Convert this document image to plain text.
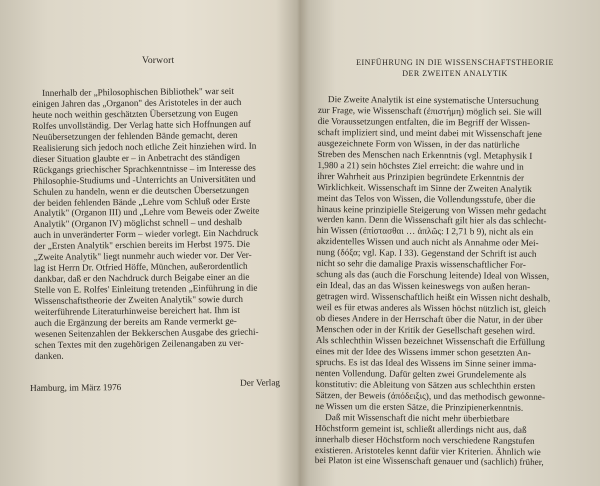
Vorwort
Innerhalb der „Philosophischen Bibliothek" war seit
einigen Jahren das „Organon" des Aristoteles in der auch
heute noch weithin geschätzten Übersetzung von Eugen
Rolfes unvollständig. Der Verlag hatte sich Hoffnungen auf
Neuübersetzungen der fehlenden Bände gemacht, deren
Realisierung sich jedoch noch etliche Zeit hinziehen wird. In
dieser Situation glaubte er – in Anbetracht des ständigen
Rückgangs griechischer Sprachkenntnisse – im Interesse des
Philosophie-Studiums und -Unterrichts an Universitäten und
Schulen zu handeln, wenn er die deutschen Übersetzungen
der beiden fehlenden Bände „Lehre vom Schluß oder Erste
Analytik" (Organon III) und „Lehre vom Beweis oder Zweite
Analytik" (Organon IV) möglichst schnell – und deshalb
auch in unveränderter Form – wieder vorlegt. Ein Nachdruck
der „Ersten Analytik" erschien bereits im Herbst 1975. Die
„Zweite Analytik" liegt nunmehr auch wieder vor. Der Ver-
lag ist Herrn Dr. Otfried Höffe, München, außerordentlich
dankbar, daß er den Nachdruck durch Beigabe einer an die
Stelle von E. Rolfes' Einleitung tretenden „Einführung in die
Wissenschaftstheorie der Zweiten Analytik" sowie durch
weiterführende Literaturhinweise bereichert hat. Ihm ist
auch die Ergänzung der bereits am Rande vermerkt ge-
wesenen Seitenzahlen der Bekkerschen Ausgabe des griechi-
schen Textes mit den zugehörigen Zeilenangaben zu ver-
danken.
Hamburg, im März 1976	Der Verlag
EINFÜHRUNG IN DIE WISSENSCHAFTSTHEORIE
DER ZWEITEN ANALYTIK
Die Zweite Analytik ist eine systematische Untersuchung
zur Frage, wie Wissenschaft (ἐπιστήμη) möglich sei. Sie will
die Voraussetzungen entfalten, die im Begriff der Wissen-
schaft impliziert sind, und meint dabei mit Wissenschaft jene
ausgezeichnete Form von Wissen, in der das natürliche
Streben des Menschen nach Erkenntnis (vgl. Metaphysik I
1,980 a 21) sein höchstes Ziel erreicht: die wahre und in
ihrer Wahrheit aus Prinzipien begründete Erkenntnis der
Wirklichkeit. Wissenschaft im Sinne der Zweiten Analytik
meint das Telos von Wissen, die Vollendungsstufe, über die
hinaus keine prinzipielle Steigerung von Wissen mehr gedacht
werden kann. Denn die Wissenschaft gilt hier als das schlecht-
hin Wissen (ἐπίστασθαι … ἁπλῶς: I 2,71 b 9), nicht als ein
akzidentelles Wissen und auch nicht als Annahme oder Mei-
nung (δόξα; vgl. Kap. I 33). Gegenstand der Schrift ist auch
nicht so sehr die damalige Praxis wissenschaftlicher For-
schung als das (auch die Forschung leitende) Ideal von Wissen,
ein Ideal, das an das Wissen keineswegs von außen heran-
getragen wird. Wissenschaftlich heißt ein Wissen nicht deshalb,
weil es für etwas anderes als Wissen höchst nützlich ist, gleich
ob dieses Andere in der Herrschaft über die Natur, in der über
Menschen oder in der Kritik der Gesellschaft gesehen wird.
Als schlechthin Wissen bezeichnet Wissenschaft die Erfüllung
eines mit der Idee des Wissens immer schon gesetzten An-
spruchs. Es ist das Ideal des Wissens im Sinne seiner imma-
nenten Vollendung. Dafür gelten zwei Grundelemente als
konstitutiv: die Ableitung von Sätzen aus schlechthin ersten
Sätzen, der Beweis (ἀπόδειξις), und das methodisch gewonne-
ne Wissen um die ersten Sätze, die Prinzipienerkenntnis.
Daß mit Wissenschaft die nicht mehr überbietbare
Höchstform gemeint ist, schließt allerdings nicht aus, daß
innerhalb dieser Höchstform noch verschiedene Rangstufen
existieren. Aristoteles kennt dafür vier Kriterien. Ähnlich wie
bei Platon ist eine Wissenschaft genauer und (sachlich) früher,
